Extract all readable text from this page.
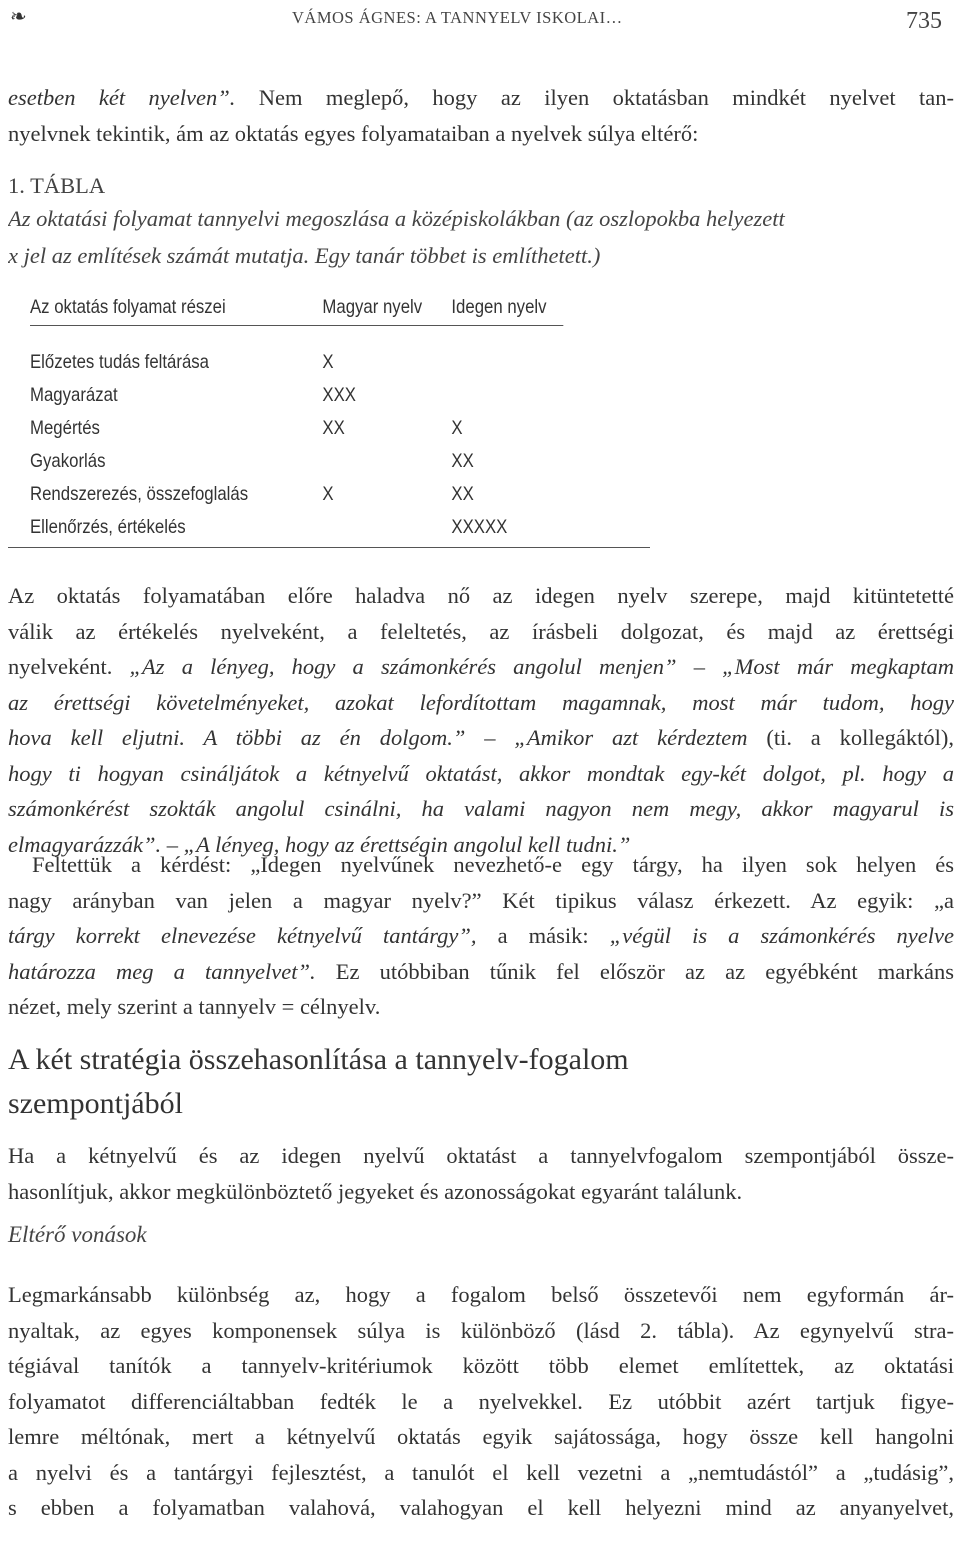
❧	VÁMOS ÁGNES: A TANNYELV ISKOLAI…	735
esetben két nyelven”. Nem meglepő, hogy az ilyen oktatásban mindkét nyelvet tan-
nyelvnek tekintik, ám az oktatás egyes folyamataiban a nyelvek súlya eltérő:
1. TÁBLA
Az oktatási folyamat tannyelvi megoszlása a középiskolákban (az oszlopokba helyezett
x jel az említések számát mutatja. Egy tanár többet is említhetett.)
Az oktatás folyamat részei	Magyar nyelv	Idegen nyelv
Előzetes tudás feltárása	X	
Magyarázat	XXX	
Megértés	XX	X
Gyakorlás		XX
Rendszerezés, összefoglalás	X	XX
Ellenőrzés, értékelés		XXXXX
Az oktatás folyamatában előre haladva nő az idegen nyelv szerepe, majd kitüntetetté
válik az értékelés nyelveként, a feleltetés, az írásbeli dolgozat, és majd az érettségi
nyelveként. „Az a lényeg, hogy a számonkérés angolul menjen” – „Most már megkaptam
az érettségi követelményeket, azokat lefordítottam magamnak, most már tudom, hogy
hova kell eljutni. A többi az én dolgom.” – „Amikor azt kérdeztem (ti. a kollegáktól),
hogy ti hogyan csináljátok a kétnyelvű oktatást, akkor mondtak egy-két dolgot, pl. hogy a
számonkérést szokták angolul csinálni, ha valami nagyon nem megy, akkor magyarul is
elmagyarázzák”. – „A lényeg, hogy az érettségin angolul kell tudni.”
Feltettük a kérdést: „Idegen nyelvűnek nevezhető-e egy tárgy, ha ilyen sok helyen és
nagy arányban van jelen a magyar nyelv?” Két tipikus válasz érkezett. Az egyik: „a
tárgy korrekt elnevezése kétnyelvű tantárgy”, a másik: „végül is a számonkérés nyelve
határozza meg a tannyelvet”. Ez utóbbiban tűnik fel először az az egyébként markáns
nézet, mely szerint a tannyelv = célnyelv.
A két stratégia összehasonlítása a tannyelv-fogalom
szempontjából
Ha a kétnyelvű és az idegen nyelvű oktatást a tannyelvfogalom szempontjából össze-
hasonlítjuk, akkor megkülönböztető jegyeket és azonosságokat egyaránt találunk.
Eltérő vonások
Legmarkánsabb különbség az, hogy a fogalom belső összetevői nem egyformán ár-
nyaltak, az egyes komponensek súlya is különböző (lásd 2. tábla). Az egynyelvű stra-
tégiával tanítók a tannyelv-kritériumok között több elemet említettek, az oktatási
folyamatot differenciáltabban fedték le a nyelvekkel. Ez utóbbit azért tartjuk figye-
lemre méltónak, mert a kétnyelvű oktatás egyik sajátossága, hogy össze kell hangolni
a nyelvi és a tantárgyi fejlesztést, a tanulót el kell vezetni a „nemtudástól” a „tudásig”,
s ebben a folyamatban valahová, valahogyan el kell helyezni mind az anyanyelvet,
